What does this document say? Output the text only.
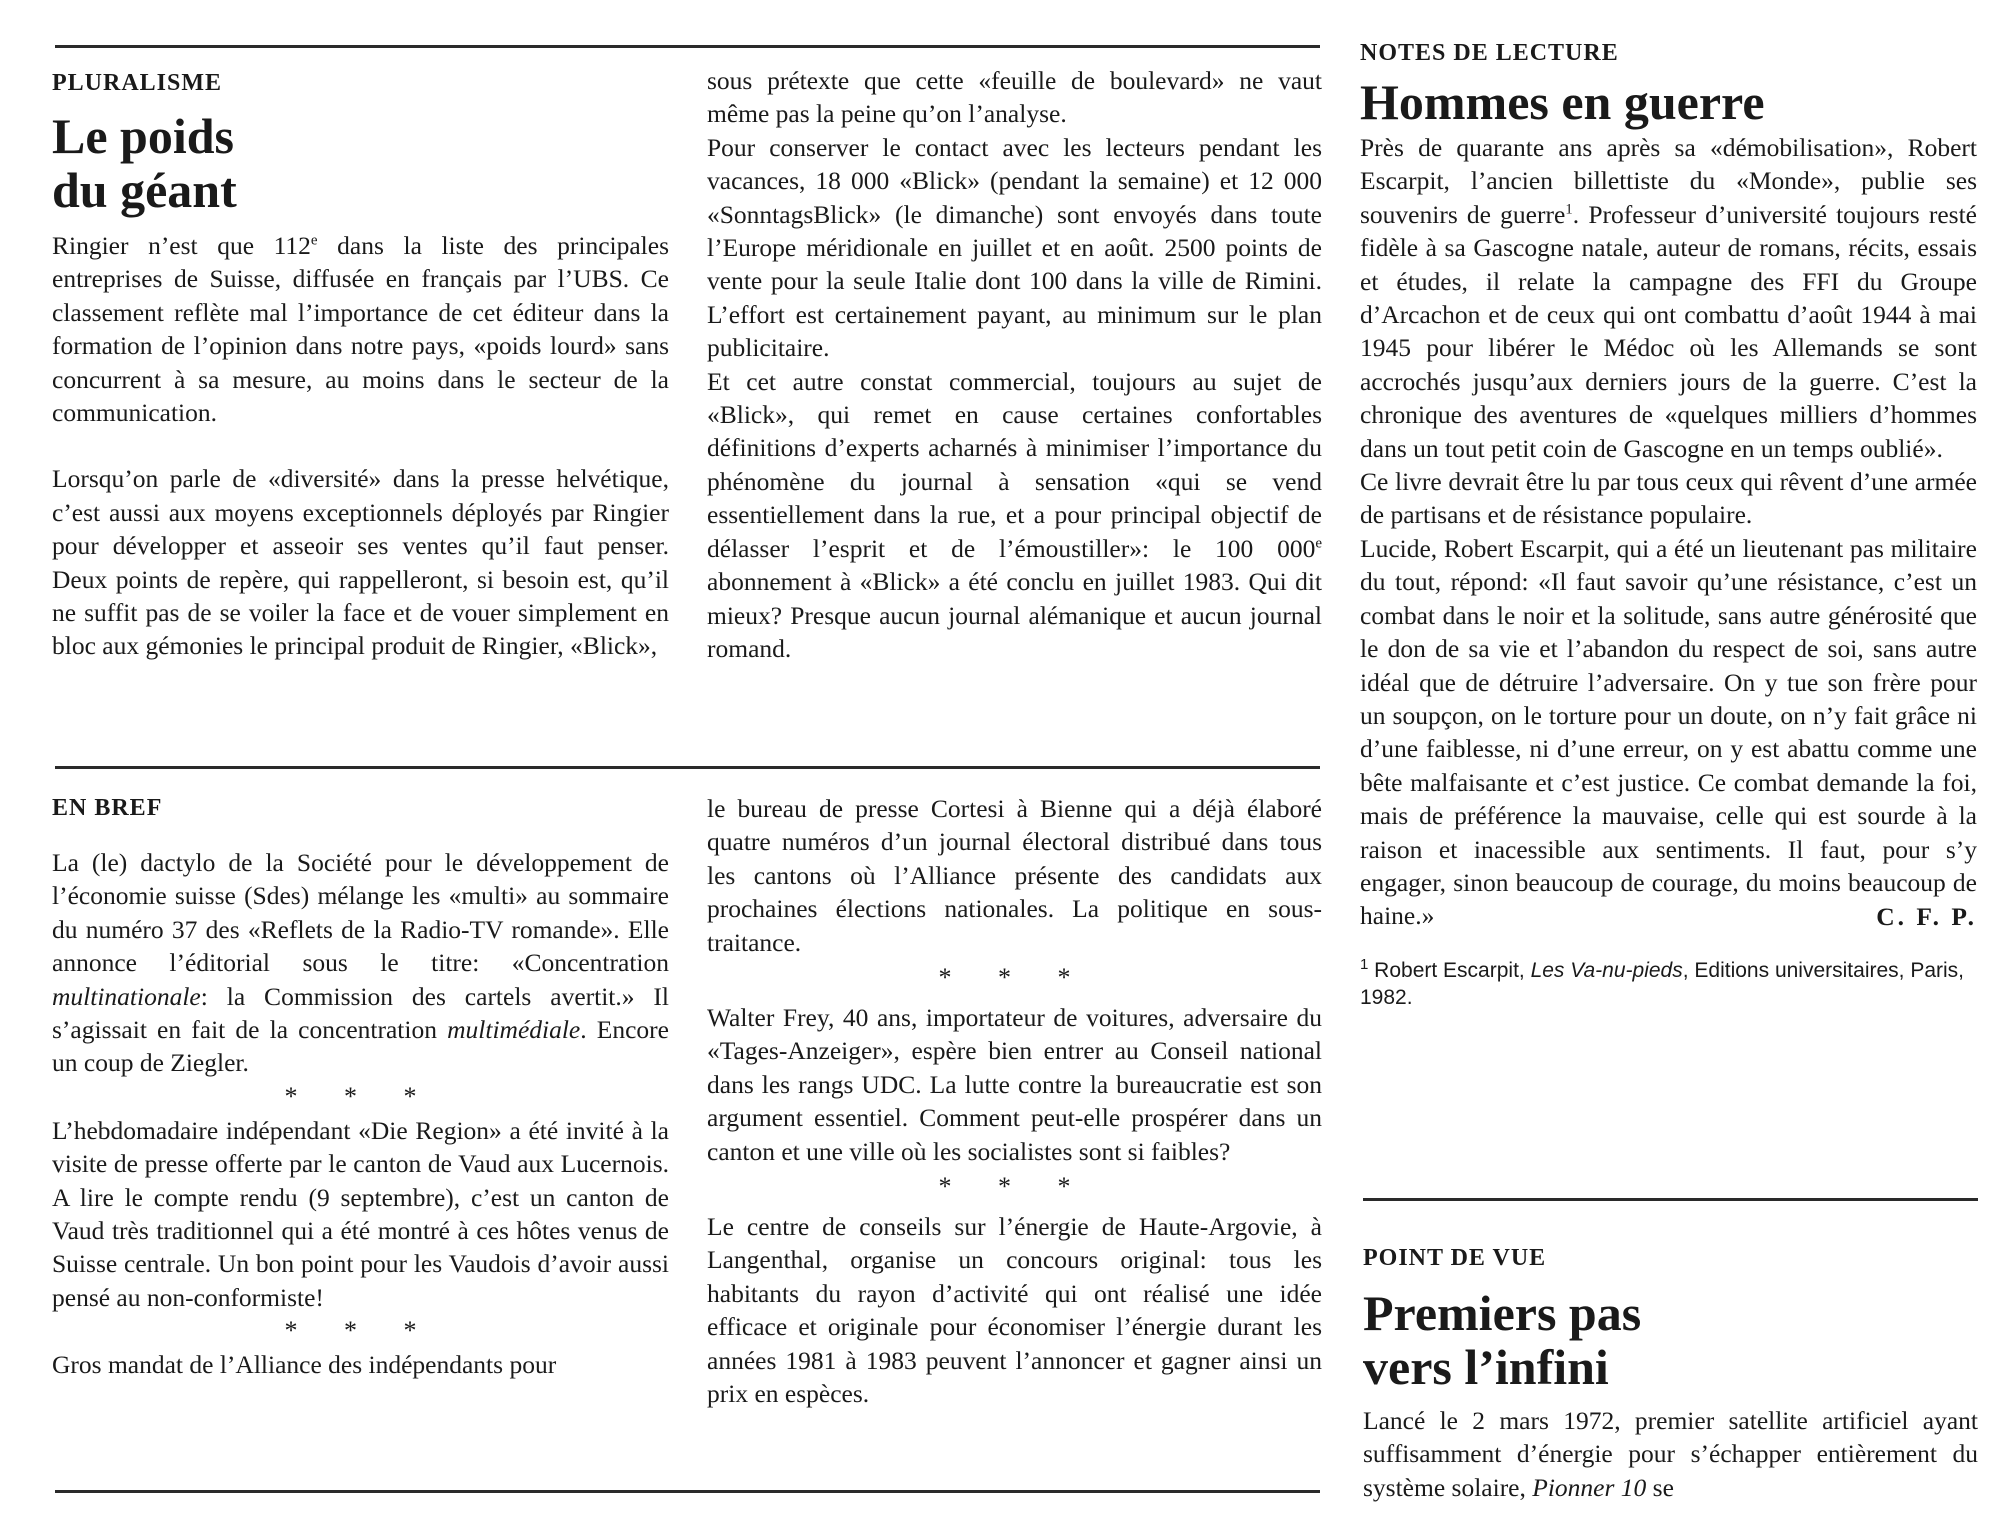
PLURALISME
Le poids
du géant

Ringier n’est que 112e dans la liste des principales entreprises de Suisse, diffusée en français par l’UBS. Ce classement reflète mal l’importance de cet éditeur dans la formation de l’opinion dans notre pays, «poids lourd» sans concurrent à sa mesure, au moins dans le secteur de la communication.

Lorsqu’on parle de «diversité» dans la presse helvétique, c’est aussi aux moyens exceptionnels déployés par Ringier pour développer et asseoir ses ventes qu’il faut penser. Deux points de repère, qui rappelleront, si besoin est, qu’il ne suffit pas de se voiler la face et de vouer simplement en bloc aux gémonies le principal produit de Ringier, «Blick»,

sous prétexte que cette «feuille de boulevard» ne vaut même pas la peine qu’on l’analyse.

Pour conserver le contact avec les lecteurs pendant les vacances, 18 000 «Blick» (pendant la semaine) et 12 000 «SonntagsBlick» (le dimanche) sont envoyés dans toute l’Europe méridionale en juillet et en août. 2500 points de vente pour la seule Italie dont 100 dans la ville de Rimini. L’effort est certainement payant, au minimum sur le plan publicitaire.

Et cet autre constat commercial, toujours au sujet de «Blick», qui remet en cause certaines confortables définitions d’experts acharnés à minimiser l’importance du phénomène du journal à sensation «qui se vend essentiellement dans la rue, et a pour principal objectif de délasser l’esprit et de l’émoustiller»: le 100 000e abonnement à «Blick» a été conclu en juillet 1983. Qui dit mieux? Presque aucun journal alémanique et aucun journal romand.

EN BREF

La (le) dactylo de la Société pour le développement de l’économie suisse (Sdes) mélange les «multi» au sommaire du numéro 37 des «Reflets de la Radio-TV romande». Elle annonce l’éditorial sous le titre: «Concentration multinationale: la Commission des cartels avertit.» Il s’agissait en fait de la concentration multimédiale. Encore un coup de Ziegler.

* * *

L’hebdomadaire indépendant «Die Region» a été invité à la visite de presse offerte par le canton de Vaud aux Lucernois. A lire le compte rendu (9 septembre), c’est un canton de Vaud très traditionnel qui a été montré à ces hôtes venus de Suisse centrale. Un bon point pour les Vaudois d’avoir aussi pensé au non-conformiste!

* * *

Gros mandat de l’Alliance des indépendants pour

le bureau de presse Cortesi à Bienne qui a déjà élaboré quatre numéros d’un journal électoral distribué dans tous les cantons où l’Alliance présente des candidats aux prochaines élections nationales. La politique en sous-traitance.

* * *

Walter Frey, 40 ans, importateur de voitures, adversaire du «Tages-Anzeiger», espère bien entrer au Conseil national dans les rangs UDC. La lutte contre la bureaucratie est son argument essentiel. Comment peut-elle prospérer dans un canton et une ville où les socialistes sont si faibles?

* * *

Le centre de conseils sur l’énergie de Haute-Argovie, à Langenthal, organise un concours original: tous les habitants du rayon d’activité qui ont réalisé une idée efficace et originale pour économiser l’énergie durant les années 1981 à 1983 peuvent l’annoncer et gagner ainsi un prix en espèces.

NOTES DE LECTURE
Hommes en guerre

Près de quarante ans après sa «démobilisation», Robert Escarpit, l’ancien billettiste du «Monde», publie ses souvenirs de guerre$^1$. Professeur d’université toujours resté fidèle à sa Gascogne natale, auteur de romans, récits, essais et études, il relate la campagne des FFI du Groupe d’Arcachon et de ceux qui ont combattu d’août 1944 à mai 1945 pour libérer le Médoc où les Allemands se sont accrochés jusqu’aux derniers jours de la guerre. C’est la chronique des aventures de «quelques milliers d’hommes dans un tout petit coin de Gascogne en un temps oublié».

Ce livre devrait être lu par tous ceux qui rêvent d’une armée de partisans et de résistance populaire.

Lucide, Robert Escarpit, qui a été un lieutenant pas militaire du tout, répond: «Il faut savoir qu’une résistance, c’est un combat dans le noir et la solitude, sans autre générosité que le don de sa vie et l’abandon du respect de soi, sans autre idéal que de détruire l’adversaire. On y tue son frère pour un soupçon, on le torture pour un doute, on n’y fait grâce ni d’une faiblesse, ni d’une erreur, on y est abattu comme une bête malfaisante et c’est justice. Ce combat demande la foi, mais de préférence la mauvaise, celle qui est sourde à la raison et inacessible aux sentiments. Il faut, pour s’y engager, sinon beaucoup de courage, du moins beaucoup de haine.»	C. F. P.

$^1$ Robert Escarpit, Les Va-nu-pieds, Editions universitaires, Paris, 1982.

POINT DE VUE
Premiers pas
vers l’infini

Lancé le 2 mars 1972, premier satellite artificiel ayant suffisamment d’énergie pour s’échapper entièrement du système solaire, Pionner 10 se
